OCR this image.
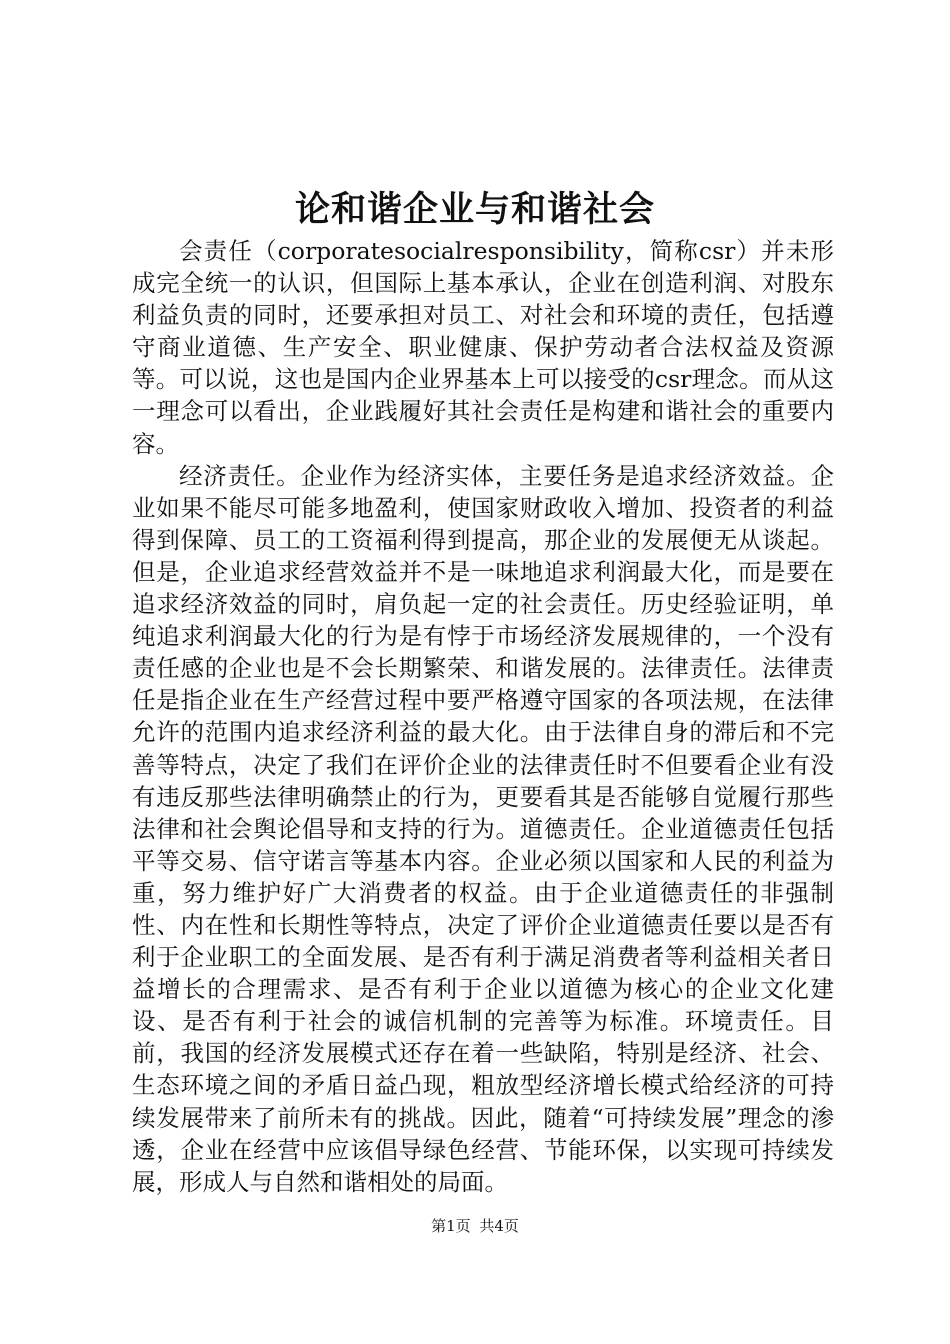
论和谐企业与和谐社会

会责任（corporatesocialresponsibility，简称csr）并未形成完全统一的认识，但国际上基本承认，企业在创造利润、对股东利益负责的同时，还要承担对员工、对社会和环境的责任，包括遵守商业道德、生产安全、职业健康、保护劳动者合法权益及资源等。可以说，这也是国内企业界基本上可以接受的csr理念。而从这一理念可以看出，企业践履好其社会责任是构建和谐社会的重要内容。

经济责任。企业作为经济实体，主要任务是追求经济效益。企业如果不能尽可能多地盈利，使国家财政收入增加、投资者的利益得到保障、员工的工资福利得到提高，那企业的发展便无从谈起。但是，企业追求经营效益并不是一味地追求利润最大化，而是要在追求经济效益的同时，肩负起一定的社会责任。历史经验证明，单纯追求利润最大化的行为是有悖于市场经济发展规律的，一个没有责任感的企业也是不会长期繁荣、和谐发展的。法律责任。法律责任是指企业在生产经营过程中要严格遵守国家的各项法规，在法律允许的范围内追求经济利益的最大化。由于法律自身的滞后和不完善等特点，决定了我们在评价企业的法律责任时不但要看企业有没有违反那些法律明确禁止的行为，更要看其是否能够自觉履行那些法律和社会舆论倡导和支持的行为。道德责任。企业道德责任包括平等交易、信守诺言等基本内容。企业必须以国家和人民的利益为重，努力维护好广大消费者的权益。由于企业道德责任的非强制性、内在性和长期性等特点，决定了评价企业道德责任要以是否有利于企业职工的全面发展、是否有利于满足消费者等利益相关者日益增长的合理需求、是否有利于企业以道德为核心的企业文化建设、是否有利于社会的诚信机制的完善等为标准。环境责任。目前，我国的经济发展模式还存在着一些缺陷，特别是经济、社会、生态环境之间的矛盾日益凸现，粗放型经济增长模式给经济的可持续发展带来了前所未有的挑战。因此，随着“可持续发展”理念的渗透，企业在经营中应该倡导绿色经营、节能环保，以实现可持续发展，形成人与自然和谐相处的局面。

第1页 共4页
